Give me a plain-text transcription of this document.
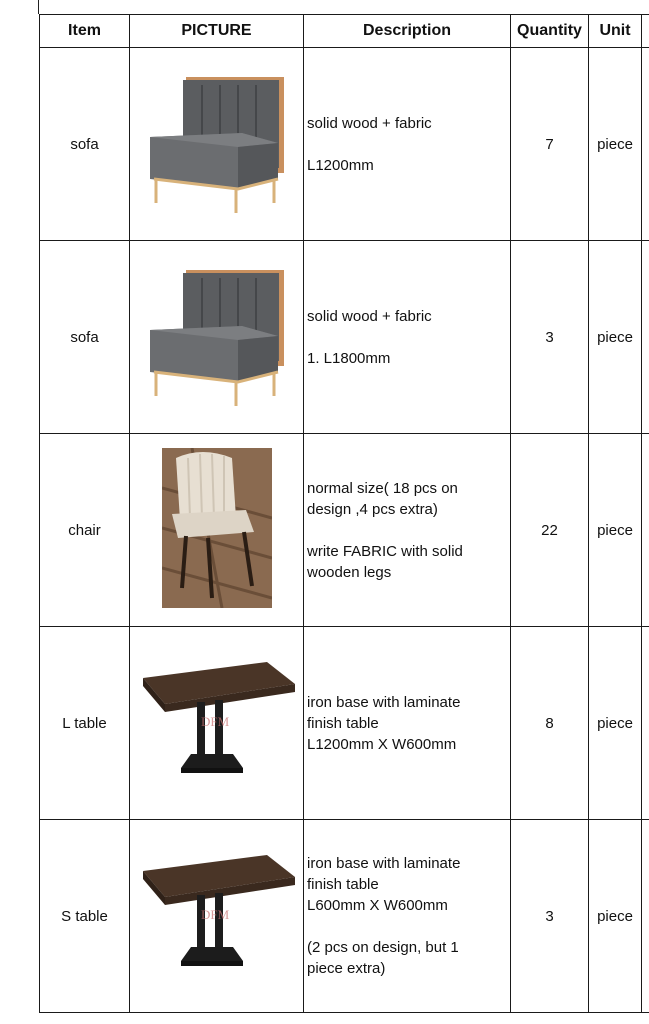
Item	PICTURE	Description	Quantity	Unit	
sofa		solid wood + fabric
L1200mm	7	piece	
sofa		solid wood + fabric
1. L1800mm	3	piece	
chair		normal size( 18 pcs on
design ,4 pcs extra)
write FABRIC with solid
wooden legs	22	piece	
L table	DFM	iron base with laminate
finish table
L1200mm X W600mm	8	piece	
S table	DFM	iron base with laminate
finish table
L600mm X W600mm
(2 pcs on design, but 1
piece extra)	3	piece	
